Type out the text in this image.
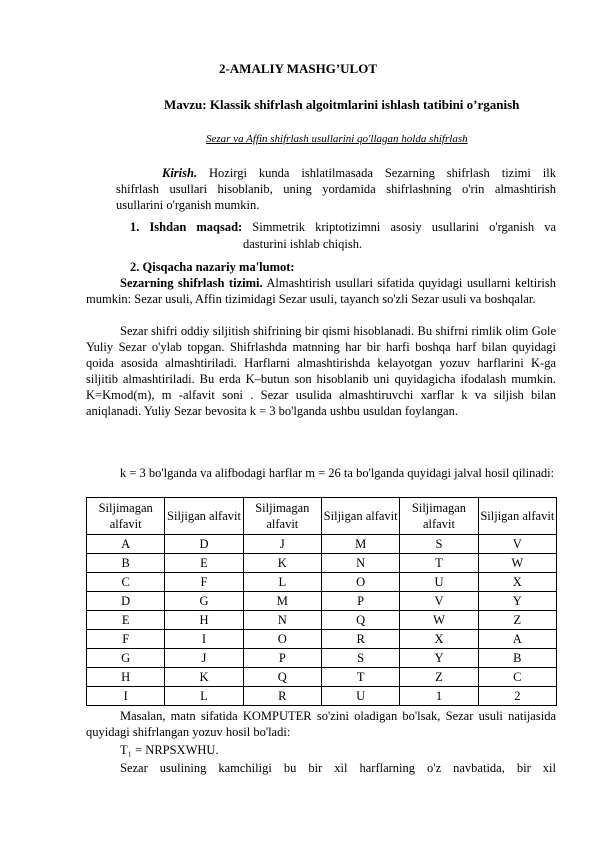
2-AMALIY MASHG’ULOT
Mavzu: Klassik shifrlash algoitmlarini ishlash tatibini o’rganish
Sezar va Affin shifrlash usullarini qo'llagan holda shifrlash
Kirish. Hozirgi kunda ishlatilmasada Sezarning shifrlash tizimi ilk
shifrlash usullari hisoblanib, uning yordamida shifrlashning o'rin almashtirish
usullarini o'rganish mumkin.
1. Ishdan maqsad: Simmetrik kriptotizimni asosiy usullarini o'rganish va
dasturini ishlab chiqish.
2. Qisqacha nazariy ma'lumot:

Sezarning shifrlash tizimi. Almashtirish usullari sifatida quyidagi usullarni keltirish mumkin: Sezar usuli, Affin tizimidagi Sezar usuli, tayanch so'zli Sezar usuli va boshqalar.

Sezar shifri oddiy siljitish shifrining bir qismi hisoblanadi. Bu shifrni rimlik olim Gole Yuliy Sezar o'ylab topgan. Shifrlashda matnning har bir harfi boshqa harf bilan quyidagi qoida asosida almashtiriladi. Harflarni almashtirishda kelayotgan yozuv harflarini K-ga siljitib almashtiriladi. Bu erda K–butun son hisoblanib uni quyidagicha ifodalash mumkin. K=Kmod(m), m -alfavit soni . Sezar usulida almashtiruvchi xarflar k va siljish bilan aniqlanadi. Yuliy Sezar bevosita k = 3 bo'lganda ushbu usuldan foylangan.

k = 3 bo'lganda va alifbodagi harflar m = 26 ta bo'lganda quyidagi jalval hosil qilinadi:

Siljimagan alfavit	Siljigan alfavit	Siljimagan alfavit	Siljigan alfavit	Siljimagan alfavit	Siljigan alfavit
A	D	J	M	S	V
B	E	K	N	T	W
C	F	L	O	U	X
D	G	M	P	V	Y
E	H	N	Q	W	Z
F	I	O	R	X	A
G	J	P	S	Y	B
H	K	Q	T	Z	C
I	L	R	U	1	2

Masalan, matn sifatida KOMPUTER so'zini oladigan bo'lsak, Sezar usuli natijasida quyidagi shifrlangan yozuv hosil bo'ladi:

T₁ = NRPSXWHU.
Sezar usulining kamchiligi bu bir xil harflarning o'z navbatida, bir xil
